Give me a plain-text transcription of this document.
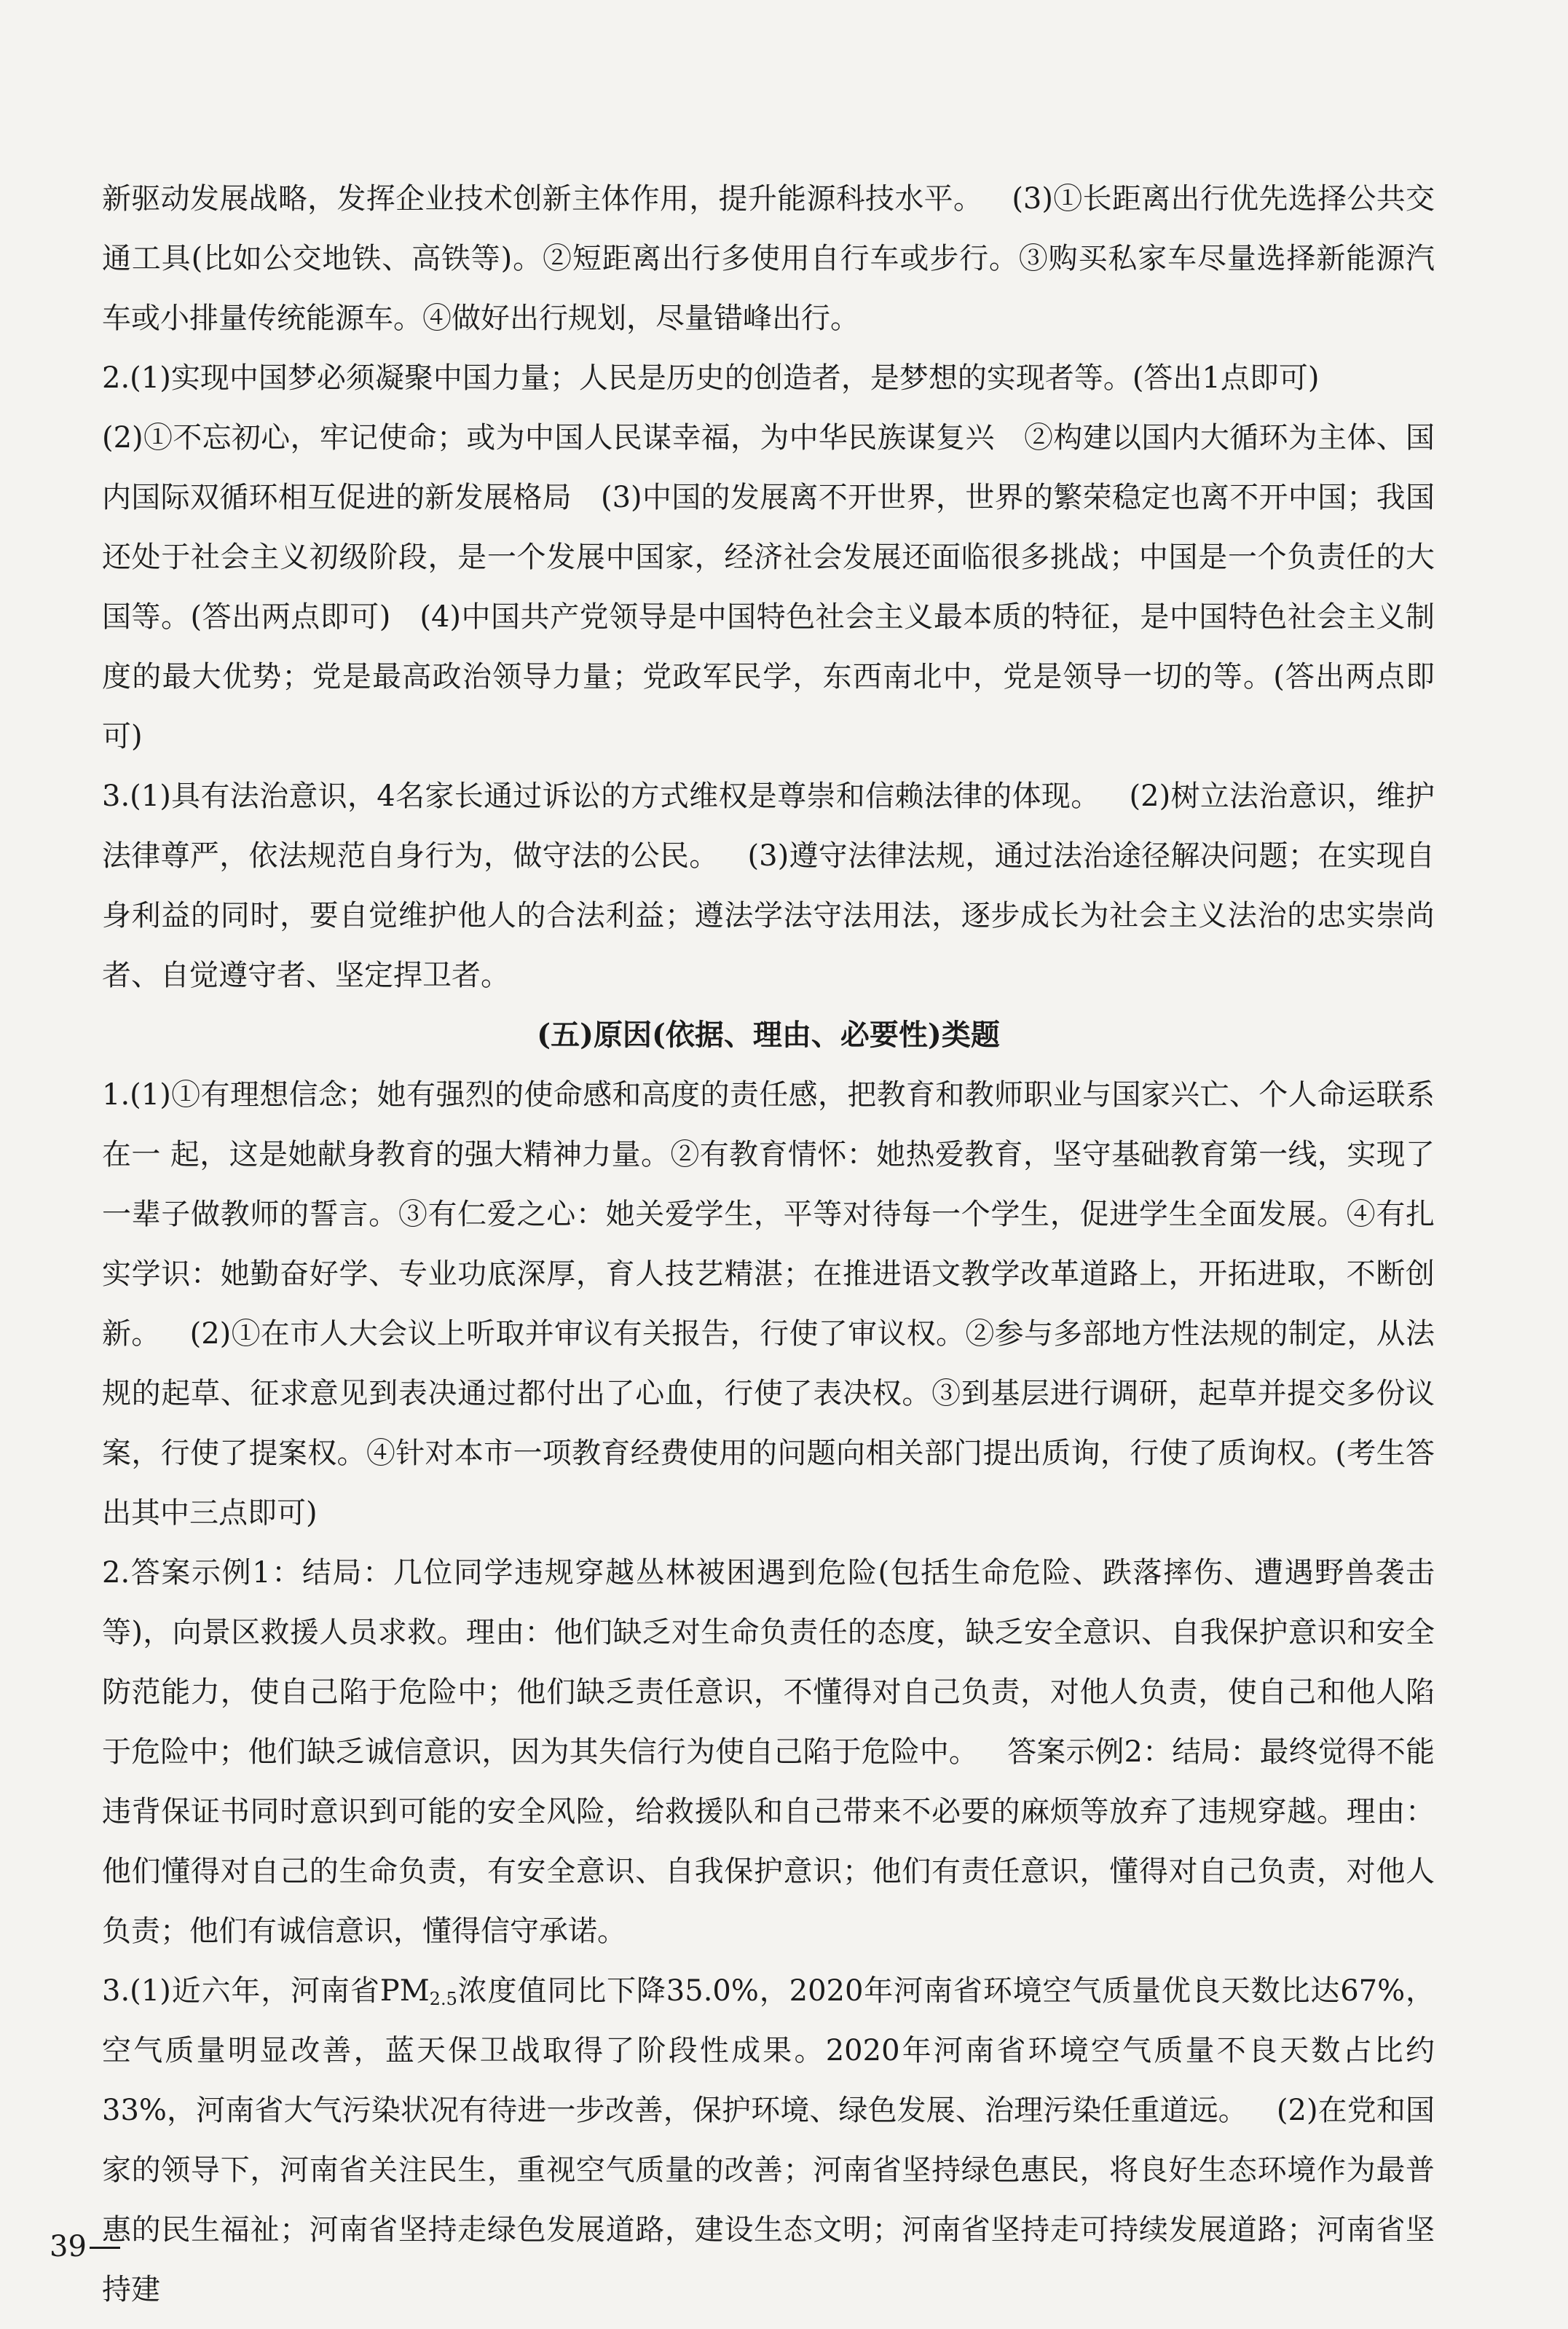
新驱动发展战略，发挥企业技术创新主体作用，提升能源科技水平。 (3)①长距离出行优先选择公共交通工具(比如公交地铁、高铁等)。②短距离出行多使用自行车或步行。③购买私家车尽量选择新能源汽车或小排量传统能源车。④做好出行规划，尽量错峰出行。

2.(1)实现中国梦必须凝聚中国力量；人民是历史的创造者，是梦想的实现者等。(答出1点即可)
(2)①不忘初心，牢记使命；或为中国人民谋幸福，为中华民族谋复兴 ②构建以国内大循环为主体、国内国际双循环相互促进的新发展格局 (3)中国的发展离不开世界，世界的繁荣稳定也离不开中国；我国还处于社会主义初级阶段，是一个发展中国家，经济社会发展还面临很多挑战；中国是一个负责任的大国等。(答出两点即可) (4)中国共产党领导是中国特色社会主义最本质的特征，是中国特色社会主义制度的最大优势；党是最高政治领导力量；党政军民学，东西南北中，党是领导一切的等。(答出两点即可)

3.(1)具有法治意识，4名家长通过诉讼的方式维权是尊崇和信赖法律的体现。 (2)树立法治意识，维护法律尊严，依法规范自身行为，做守法的公民。 (3)遵守法律法规，通过法治途径解决问题；在实现自身利益的同时，要自觉维护他人的合法利益；遵法学法守法用法，逐步成长为社会主义法治的忠实崇尚者、自觉遵守者、坚定捍卫者。

(五)原因(依据、理由、必要性)类题

1.(1)①有理想信念；她有强烈的使命感和高度的责任感，把教育和教师职业与国家兴亡、个人命运联系在一 起，这是她献身教育的强大精神力量。②有教育情怀：她热爱教育，坚守基础教育第一线，实现了一辈子做教师的誓言。③有仁爱之心：她关爱学生，平等对待每一个学生，促进学生全面发展。④有扎实学识：她勤奋好学、专业功底深厚，育人技艺精湛；在推进语文教学改革道路上，开拓进取，不断创新。 (2)①在市人大会议上听取并审议有关报告，行使了审议权。②参与多部地方性法规的制定，从法规的起草、征求意见到表决通过都付出了心血，行使了表决权。③到基层进行调研，起草并提交多份议案，行使了提案权。④针对本市一项教育经费使用的问题向相关部门提出质询，行使了质询权。(考生答出其中三点即可)

2.答案示例1：结局：几位同学违规穿越丛林被困遇到危险(包括生命危险、跌落摔伤、遭遇野兽袭击等)，向景区救援人员求救。理由：他们缺乏对生命负责任的态度，缺乏安全意识、自我保护意识和安全防范能力，使自己陷于危险中；他们缺乏责任意识，不懂得对自己负责，对他人负责，使自己和他人陷于危险中；他们缺乏诚信意识，因为其失信行为使自己陷于危险中。 答案示例2：结局：最终觉得不能违背保证书同时意识到可能的安全风险，给救援队和自己带来不必要的麻烦等放弃了违规穿越。理由：他们懂得对自己的生命负责，有安全意识、自我保护意识；他们有责任意识，懂得对自己负责，对他人负责；他们有诚信意识，懂得信守承诺。

3.(1)近六年，河南省$PM_{2.5}$浓度值同比下降35.0%，2020年河南省环境空气质量优良天数比达67%，空气质量明显改善，蓝天保卫战取得了阶段性成果。2020年河南省环境空气质量不良天数占比约33%，河南省大气污染状况有待进一步改善，保护环境、绿色发展、治理污染任重道远。 (2)在党和国家的领导下，河南省关注民生，重视空气质量的改善；河南省坚持绿色惠民，将良好生态环境作为最普惠的民生福祉；河南省坚持走绿色发展道路，建设生态文明；河南省坚持走可持续发展道路；河南省坚持建

39
